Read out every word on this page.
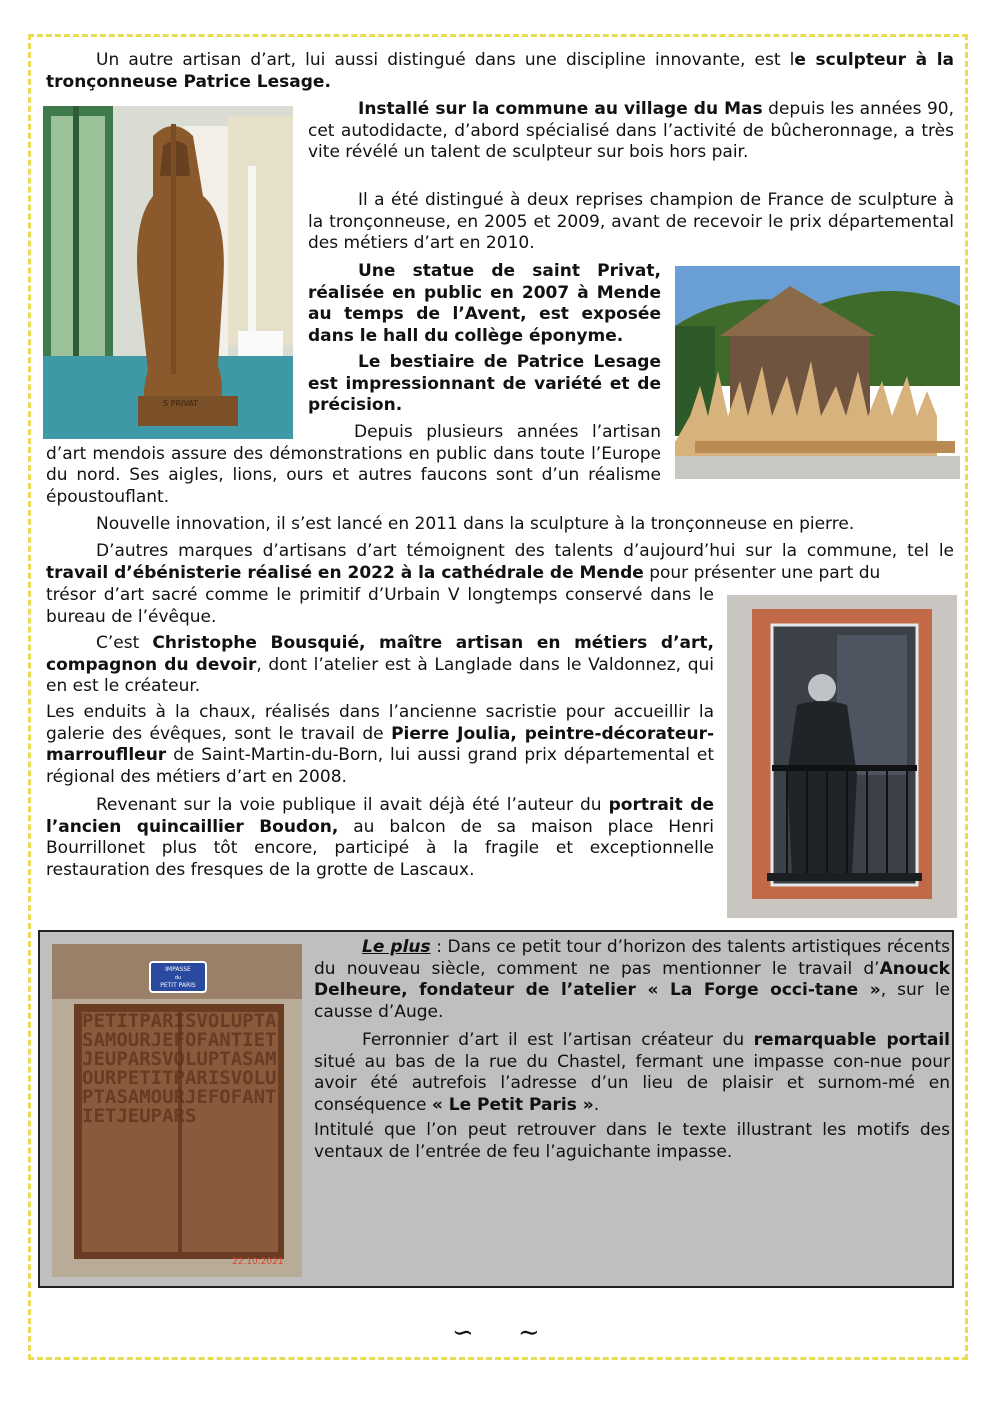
Un autre artisan d’art, lui aussi distingué dans une discipline innovante, est le sculpteur à la tronçonneuse Patrice Lesage.

S PRIVAT

Installé sur la commune au village du Mas depuis les années 90, cet autodidacte, d’abord spécialisé dans l’activité de bûcheronnage, a très vite révélé un talent de sculpteur sur bois hors pair.

Il a été distingué à deux reprises champion de France de sculpture à la tronçonneuse, en 2005 et 2009, avant de recevoir le prix départemental des métiers d’art en 2010.

Une statue de saint Privat, réalisée en public en 2007 à Mende au temps de l’Avent, est exposée dans le hall du collège éponyme.

Le bestiaire de Patrice Lesage est impressionnant de variété et de précision.

Depuis plusieurs années l’artisan d’art mendois assure des démonstrations en public dans toute l’Europe du nord. Ses aigles, lions, ours et autres faucons sont d’un réalisme époustouflant.

Nouvelle innovation, il s’est lancé en 2011 dans la sculpture à la tronçonneuse en pierre.

D’autres marques d’artisans d’art témoignent des talents d’aujourd’hui sur la commune, tel le travail d’ébénisterie réalisé en 2022 à la cathédrale de Mende pour présenter une part du

trésor d’art sacré comme le primitif d’Urbain V longtemps conservé dans le bureau de l’évêque.

C’est Christophe Bousquié, maître artisan en métiers d’art, compagnon du devoir, dont l’atelier est à Langlade dans le Valdonnez, qui en est le créateur.

Les enduits à la chaux, réalisés dans l’ancienne sacristie pour accueillir la galerie des évêques, sont le travail de Pierre Joulia, peintre-décorateur-marrouflleur de Saint-Martin-du-Born, lui aussi grand prix départemental et régional des métiers d’art en 2008.

Revenant sur la voie publique il avait déjà été l’auteur du portrait de l’ancien quincaillier Boudon, au balcon de sa maison place Henri Bourrillonet plus tôt encore, participé à la fragile et exceptionnelle restauration des fresques de la grotte de Lascaux.

IMPASSE
du
PETIT PARIS
PETITPARISVOLUPTASAMOURJEFOFANTIETJEUPARSVOLUPTASAMOURPETITPARISVOLUPTASAMOURJEFOFANTIETJEUPARS
22.10.2021

Le plus : Dans ce petit tour d’horizon des talents artistiques récents du nouveau siècle, comment ne pas mentionner le travail d’Anouck Delheure, fondateur de l’atelier « La Forge occi-tane », sur le causse d’Auge.

Ferronnier d’art il est l’artisan créateur du remarquable portail situé au bas de la rue du Chastel, fermant une impasse con-nue pour avoir été autrefois l’adresse d’un lieu de plaisir et surnom-mé en conséquence « Le Petit Paris ».

Intitulé que l’on peut retrouver dans le texte illustrant les motifs des ventaux de l’entrée de feu l’aguichante impasse.

∽ ∼
